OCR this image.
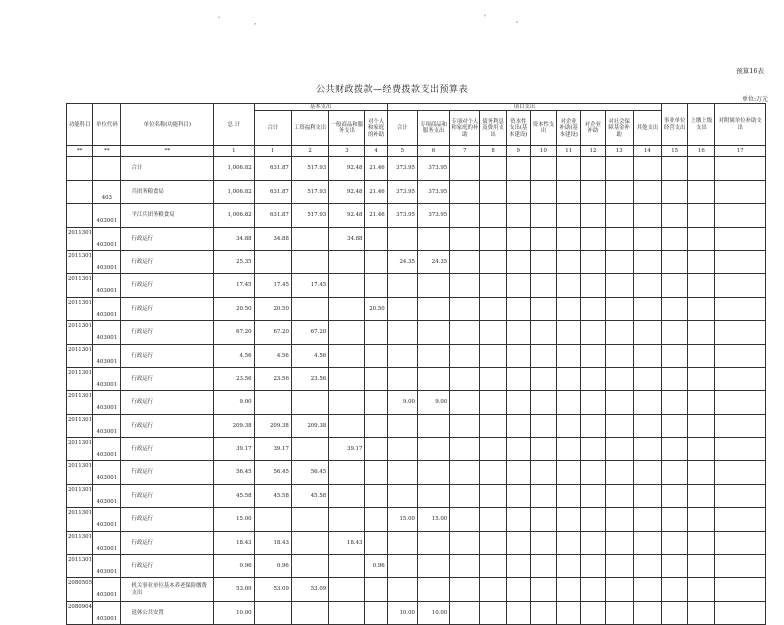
'	,	'	,
预算16表
公共财政拨款—经费拨款支出预算表
单位:万元
功能科目	单位代码	单位名称(功能科目)	总 计	基本支出				项目支出										事业单位经营支出	上缴上级支出	对附属单位补助支出
				合计	工资福利支出	一般商品和服务支出	对个人和家庭的补助	合计	专项商品和服务支出	专项对个人和家庭的补助	债务利息及费用支出	资本性支出(基本建设)	资本性支出	对企业补助(基本建设)	对企业补助	对社会保障基金补助	其他支出			
**	**	**	1	1	2	3	4	5	6	7	8	9	10	11	12	13	14	15	16	17
		合计	1,006.82	631.87	517.93	92.48	21.46	373.95	373.95											
	403	兵团务粮食局	1,006.82	631.87	517.93	92.48	21.46	373.95	373.95											
	403001	平江兵团务粮食局	1,006.82	631.87	517.93	92.48	21.46	373.95	373.95											
2011301	403001	行政运行	34.88	34.88		34.88														
2011301	403001	行政运行	25.35					24.35	24.35											
2011301	403001	行政运行	17.45	17.45	17.45															
2011301	403001	行政运行	20.50	20.50			20.50													
2011301	403001	行政运行	67.20	67.20	67.20															
2011301	403001	行政运行	4.56	4.56	4.56															
2011301	403001	行政运行	23.56	23.56	23.56															
2011301	403001	行政运行	9.00					9.00	9.00											
2011301	403001	行政运行	209.38	209.38	209.38															
2011301	403001	行政运行	39.17	39.17		39.17														
2011301	403001	行政运行	56.45	56.45	56.45															
2011301	403001	行政运行	45.58	45.58	45.58															
2011301	403001	行政运行	15.00					15.00	15.00											
2011301	403001	行政运行	18.43	18.43		18.43														
2011301	403001	行政运行	0.96	0.96			0.96													
2080505	403001	机关事业单位基本养老保险缴费支出	53.09	53.09	53.09															
2080904	403001	退休公共安置	10.00					10.00	10.00											
